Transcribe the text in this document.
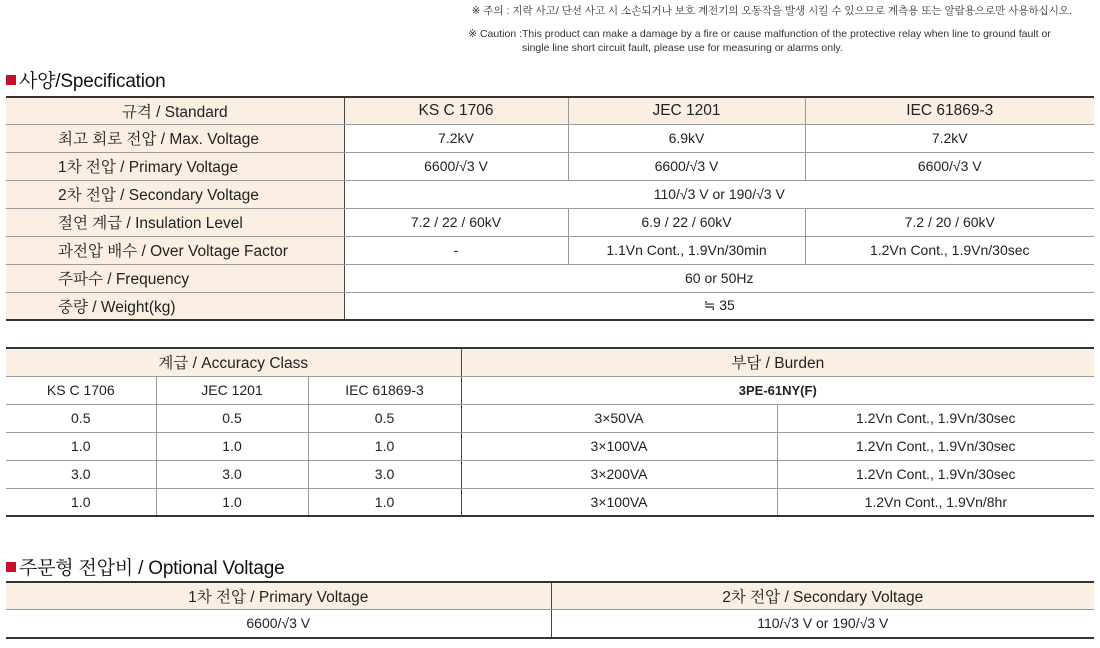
※ 주의 : 지락 사고/ 단선 사고 시 소손되거나 보호 계전기의 오동작을 발생 시킬 수 있으므로 계측용 또는 알람용으로만 사용하십시오.
※ Caution : This product can make a damage by a fire or cause malfunction of the protective relay when line to ground fault or single line short circuit fault, please use for measuring or alarms only.
사양/Specification
규격 / Standard	KS C 1706	JEC 1201	IEC 61869-3
최고 회로 전압 / Max. Voltage	7.2kV	6.9kV	7.2kV
1차 전압 / Primary Voltage	6600/√3 V	6600/√3 V	6600/√3 V
2차 전압 / Secondary Voltage	110/√3 V or 190/√3 V		
절연 계급 / Insulation Level	7.2 / 22 / 60kV	6.9 / 22 / 60kV	7.2 / 20 / 60kV
과전압 배수 / Over Voltage Factor	-	1.1Vn Cont., 1.9Vn/30min	1.2Vn Cont., 1.9Vn/30sec
주파수 / Frequency	60 or 50Hz		
중량 / Weight(kg)	≒ 35		
계급 / Accuracy Class			부담 / Burden	
KS C 1706	JEC 1201	IEC 61869-3	3PE-61NY(F)	
0.5	0.5	0.5	3×50VA	1.2Vn Cont., 1.9Vn/30sec
1.0	1.0	1.0	3×100VA	1.2Vn Cont., 1.9Vn/30sec
3.0	3.0	3.0	3×200VA	1.2Vn Cont., 1.9Vn/30sec
1.0	1.0	1.0	3×100VA	1.2Vn Cont., 1.9Vn/8hr
주문형 전압비 / Optional Voltage
1차 전압 / Primary Voltage	2차 전압 / Secondary Voltage
6600/√3 V	110/√3 V or 190/√3 V
